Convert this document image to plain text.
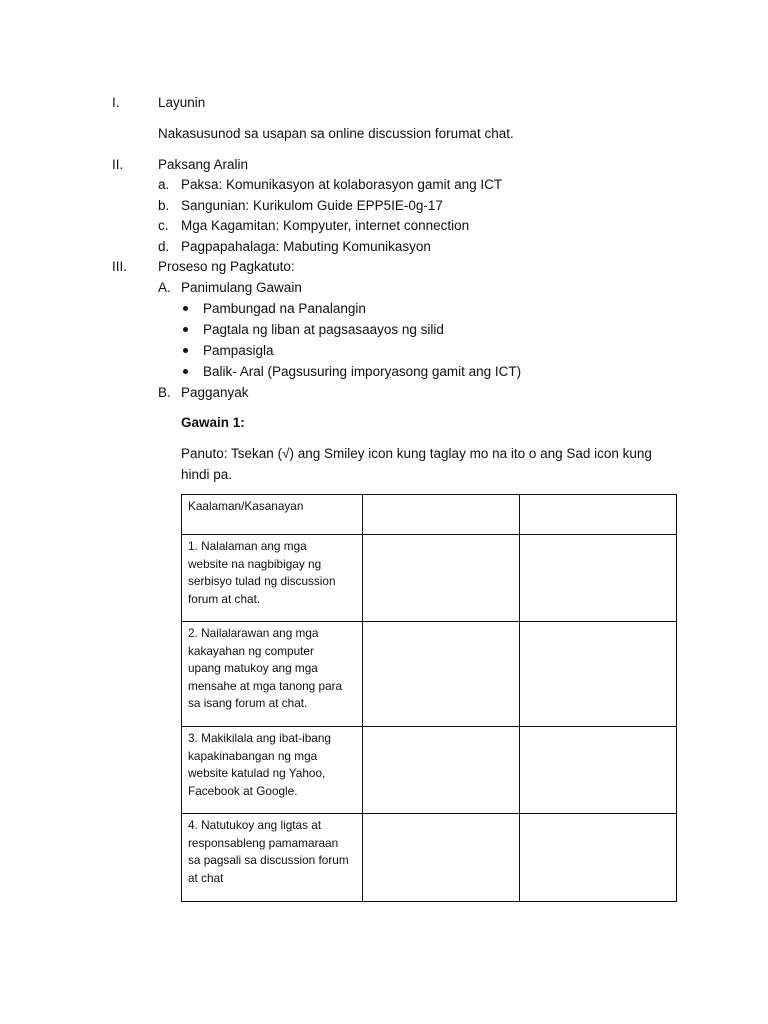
I.	Layunin
Nakasusunod sa usapan sa online discussion forumat chat.
II.	Paksang Aralin
a. Paksa: Komunikasyon at kolaborasyon gamit ang ICT
b. Sangunian: Kurikulom Guide EPP5IE-0g-17
c. Mga Kagamitan: Kompyuter, internet connection
d. Pagpapahalaga: Mabuting Komunikasyon
III. Proseso ng Pagkatuto:
A. Panimulang Gawain
Pambungad na Panalangin
Pagtala ng liban at pagsasaayos ng silid
Pampasigla
Balik- Aral (Pagsusuring imporyasong gamit ang ICT)
B. Pagganyak
Gawain 1:
Panuto: Tsekan (√) ang Smiley icon kung taglay mo na ito o ang Sad icon kung
hindi pa.
Kaalaman/Kasanayan		

1. Nalalaman ang mga
website na nagbibigay ng
serbisyo tulad ng discussion
forum at chat.		

2. Nailalarawan ang mga
kakayahan ng computer
upang matukoy ang mga
mensahe at mga tanong para
sa isang forum at chat.		

3. Makikilala ang ibat-ibang
kapakinabangan ng mga
website katulad ng Yahoo,
Facebook at Google.		

4. Natutukoy ang ligtas at
responsableng pamamaraan
sa pagsali sa discussion forum
at chat		
